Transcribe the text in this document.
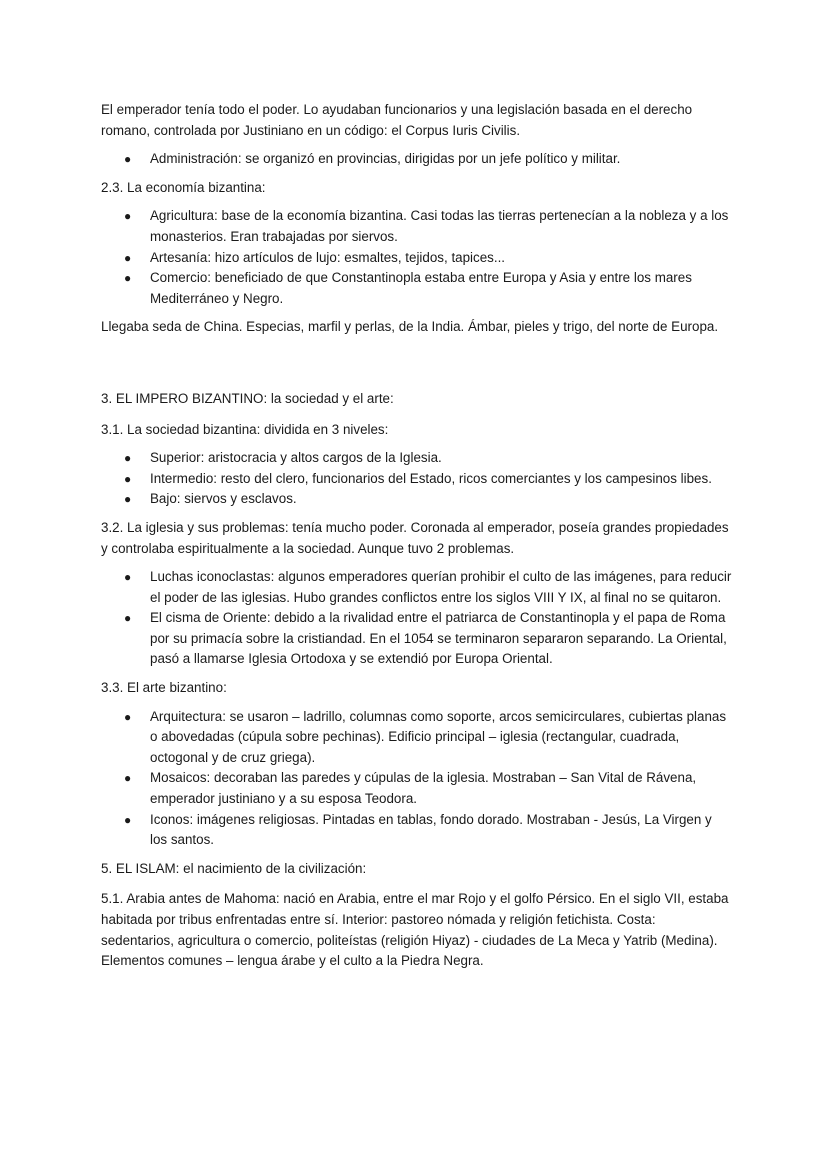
El emperador tenía todo el poder. Lo ayudaban funcionarios y una legislación basada en el derecho romano, controlada por Justiniano en un código: el Corpus Iuris Civilis.

● Administración: se organizó en provincias, dirigidas por un jefe político y militar.

2.3. La economía bizantina:

● Agricultura: base de la economía bizantina. Casi todas las tierras pertenecían a la nobleza y a los monasterios. Eran trabajadas por siervos.
● Artesanía: hizo artículos de lujo: esmaltes, tejidos, tapices...
● Comercio: beneficiado de que Constantinopla estaba entre Europa y Asia y entre los mares Mediterráneo y Negro.

Llegaba seda de China. Especias, marfil y perlas, de la India. Ámbar, pieles y trigo, del norte de Europa.

3. EL IMPERO BIZANTINO: la sociedad y el arte:

3.1. La sociedad bizantina: dividida en 3 niveles:

● Superior: aristocracia y altos cargos de la Iglesia.
● Intermedio: resto del clero, funcionarios del Estado, ricos comerciantes y los campesinos libes.
● Bajo: siervos y esclavos.

3.2. La iglesia y sus problemas: tenía mucho poder. Coronada al emperador, poseía grandes propiedades y controlaba espiritualmente a la sociedad. Aunque tuvo 2 problemas.

● Luchas iconoclastas: algunos emperadores querían prohibir el culto de las imágenes, para reducir el poder de las iglesias. Hubo grandes conflictos entre los siglos VIII Y IX, al final no se quitaron.
● El cisma de Oriente: debido a la rivalidad entre el patriarca de Constantinopla y el papa de Roma por su primacía sobre la cristiandad. En el 1054 se terminaron separaron separando. La Oriental, pasó a llamarse Iglesia Ortodoxa y se extendió por Europa Oriental.

3.3. El arte bizantino:

● Arquitectura: se usaron – ladrillo, columnas como soporte, arcos semicirculares, cubiertas planas o abovedadas (cúpula sobre pechinas). Edificio principal – iglesia (rectangular, cuadrada, octogonal y de cruz griega).
● Mosaicos: decoraban las paredes y cúpulas de la iglesia. Mostraban – San Vital de Rávena, emperador justiniano y a su esposa Teodora.
● Iconos: imágenes religiosas. Pintadas en tablas, fondo dorado. Mostraban - Jesús, La Virgen y los santos.

5. EL ISLAM: el nacimiento de la civilización:

5.1. Arabia antes de Mahoma: nació en Arabia, entre el mar Rojo y el golfo Pérsico. En el siglo VII, estaba habitada por tribus enfrentadas entre sí. Interior: pastoreo nómada y religión fetichista. Costa: sedentarios, agricultura o comercio, politeístas (religión Hiyaz) - ciudades de La Meca y Yatrib (Medina). Elementos comunes – lengua árabe y el culto a la Piedra Negra.
